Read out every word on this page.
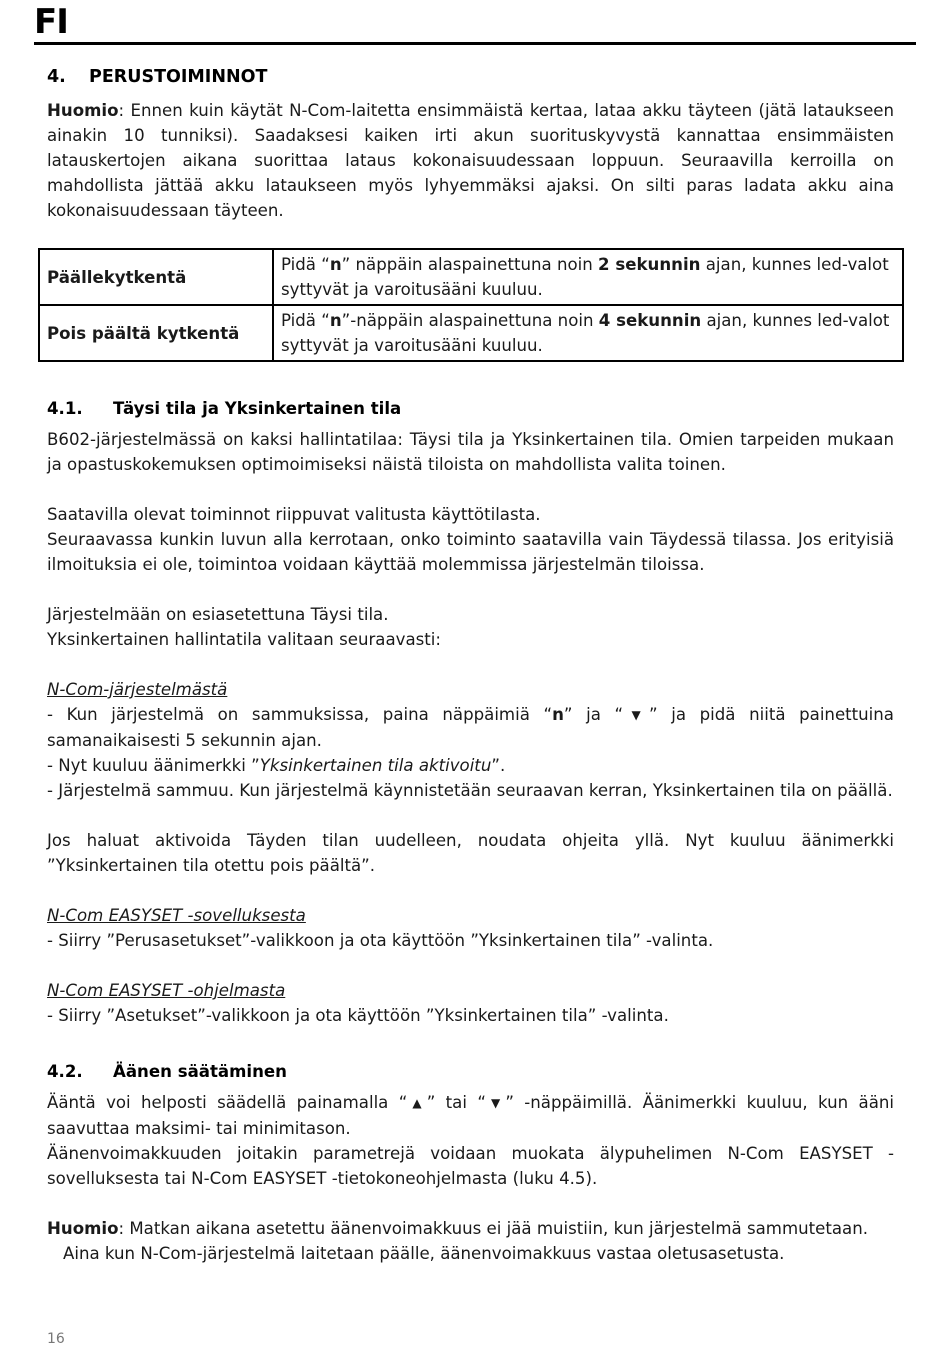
FI
4. PERUSTOIMINNOT

Huomio: Ennen kuin käytät N-Com-laitetta ensimmäistä kertaa, lataa akku täyteen (jätä lataukseen ainakin 10 tunniksi). Saadaksesi kaiken irti akun suorituskyvystä kannattaa ensimmäisten latauskertojen aikana suorittaa lataus kokonaisuudessaan loppuun. Seuraavilla kerroilla on mahdollista jättää akku lataukseen myös lyhyemmäksi ajaksi. On silti paras ladata akku aina kokonaisuudessaan täyteen.

Päällekytkentä	Pidä “n” näppäin alaspainettuna noin 2 sekunnin ajan, kunnes led-valot syttyvät ja varoitusääni kuuluu.
Pois päältä kytkentä	Pidä “n”-näppäin alaspainettuna noin 4 sekunnin ajan, kunnes led-valot syttyvät ja varoitusääni kuuluu.
4.1. Täysi tila ja Yksinkertainen tila

B602-järjestelmässä on kaksi hallintatilaa: Täysi tila ja Yksinkertainen tila. Omien tarpeiden mukaan ja opastuskokemuksen optimoimiseksi näistä tiloista on mahdollista valita toinen.

Saatavilla olevat toiminnot riippuvat valitusta käyttötilasta.

Seuraavassa kunkin luvun alla kerrotaan, onko toiminto saatavilla vain Täydessä tilassa. Jos erityisiä ilmoituksia ei ole, toimintoa voidaan käyttää molemmissa järjestelmän tiloissa.

Järjestelmään on esiasetettuna Täysi tila.

Yksinkertainen hallintatila valitaan seuraavasti:

N-Com-järjestelmästä

- Kun järjestelmä on sammuksissa, paina näppäimiä “n” ja “▼” ja pidä niitä painettuina samanaikaisesti 5 sekunnin ajan.

- Nyt kuuluu äänimerkki ”Yksinkertainen tila aktivoitu”.

- Järjestelmä sammuu. Kun järjestelmä käynnistetään seuraavan kerran, Yksinkertainen tila on päällä.

Jos haluat aktivoida Täyden tilan uudelleen, noudata ohjeita yllä. Nyt kuuluu äänimerkki ”Yksinkertainen tila otettu pois päältä”.

N-Com EASYSET -sovelluksesta

- Siirry ”Perusasetukset”-valikkoon ja ota käyttöön ”Yksinkertainen tila” -valinta.

N-Com EASYSET -ohjelmasta

- Siirry ”Asetukset”-valikkoon ja ota käyttöön ”Yksinkertainen tila” -valinta.

4.2. Äänen säätäminen

Ääntä voi helposti säädellä painamalla “▲” tai “▼” -näppäimillä. Äänimerkki kuuluu, kun ääni saavuttaa maksimi- tai minimitason.

Äänenvoimakkuuden joitakin parametrejä voidaan muokata älypuhelimen N-Com EASYSET -sovelluksesta tai N-Com EASYSET -tietokoneohjelmasta (luku 4.5).

Huomio: Matkan aikana asetettu äänenvoimakkuus ei jää muistiin, kun järjestelmä sammutetaan. Aina kun N-Com-järjestelmä laitetaan päälle, äänenvoimakkuus vastaa oletusasetusta.

16
